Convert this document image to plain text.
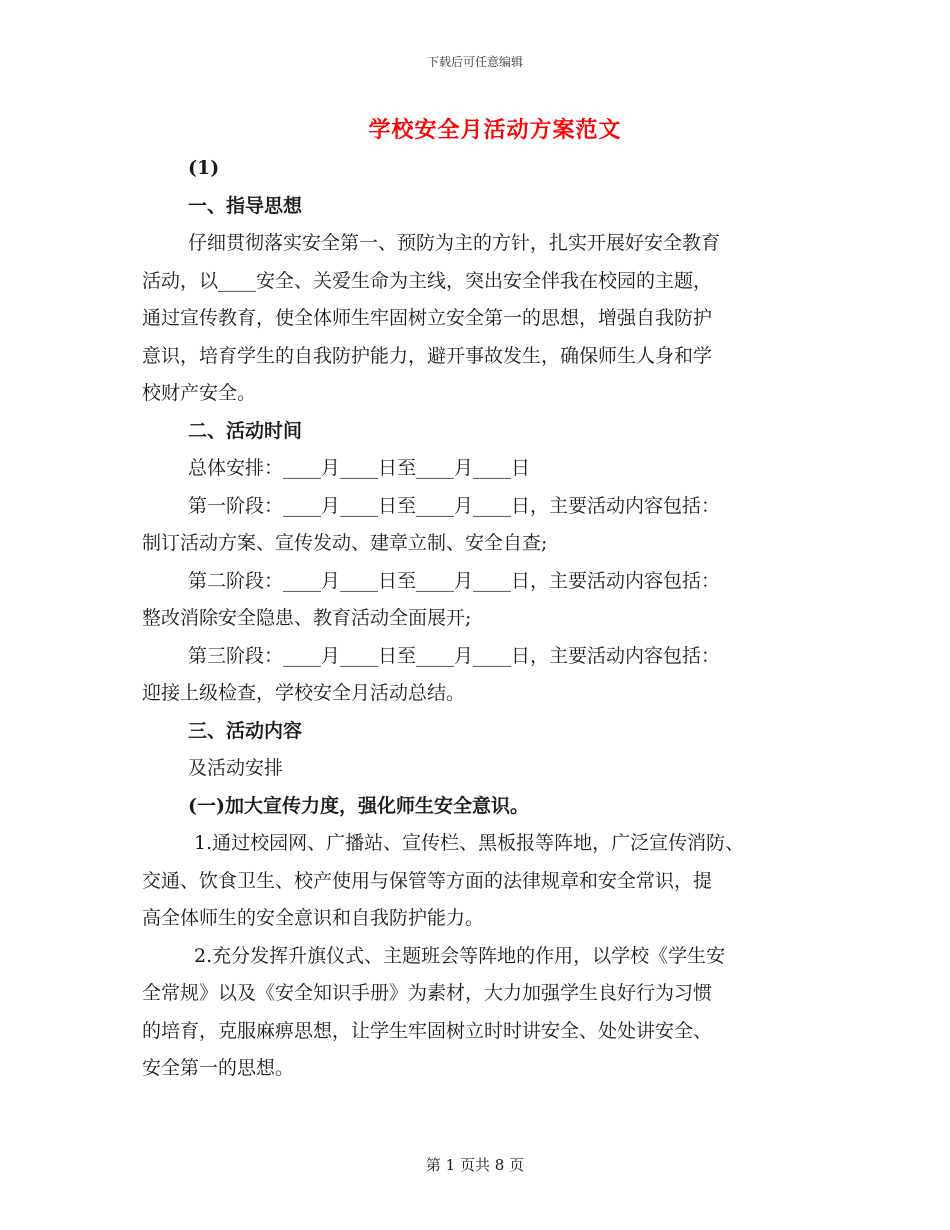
下载后可任意编辑
学校安全月活动方案范文
(1)
一、指导思想
仔细贯彻落实安全第一、预防为主的方针，扎实开展好安全教育
活动，以____安全、关爱生命为主线，突出安全伴我在校园的主题，
通过宣传教育，使全体师生牢固树立安全第一的思想，增强自我防护
意识，培育学生的自我防护能力，避开事故发生，确保师生人身和学
校财产安全。
二、活动时间
总体安排：____月____日至____月____日
第一阶段：____月____日至____月____日，主要活动内容包括：
制订活动方案、宣传发动、建章立制、安全自查;
第二阶段：____月____日至____月____日，主要活动内容包括：
整改消除安全隐患、教育活动全面展开;
第三阶段：____月____日至____月____日，主要活动内容包括：
迎接上级检查，学校安全月活动总结。
三、活动内容
及活动安排
(一)加大宣传力度，强化师生安全意识。
1.通过校园网、广播站、宣传栏、黑板报等阵地，广泛宣传消防、
交通、饮食卫生、校产使用与保管等方面的法律规章和安全常识，提
高全体师生的安全意识和自我防护能力。
2.充分发挥升旗仪式、主题班会等阵地的作用，以学校《学生安
全常规》以及《安全知识手册》为素材，大力加强学生良好行为习惯
的培育，克服麻痹思想，让学生牢固树立时时讲安全、处处讲安全、
安全第一的思想。
第 1 页共 8 页
